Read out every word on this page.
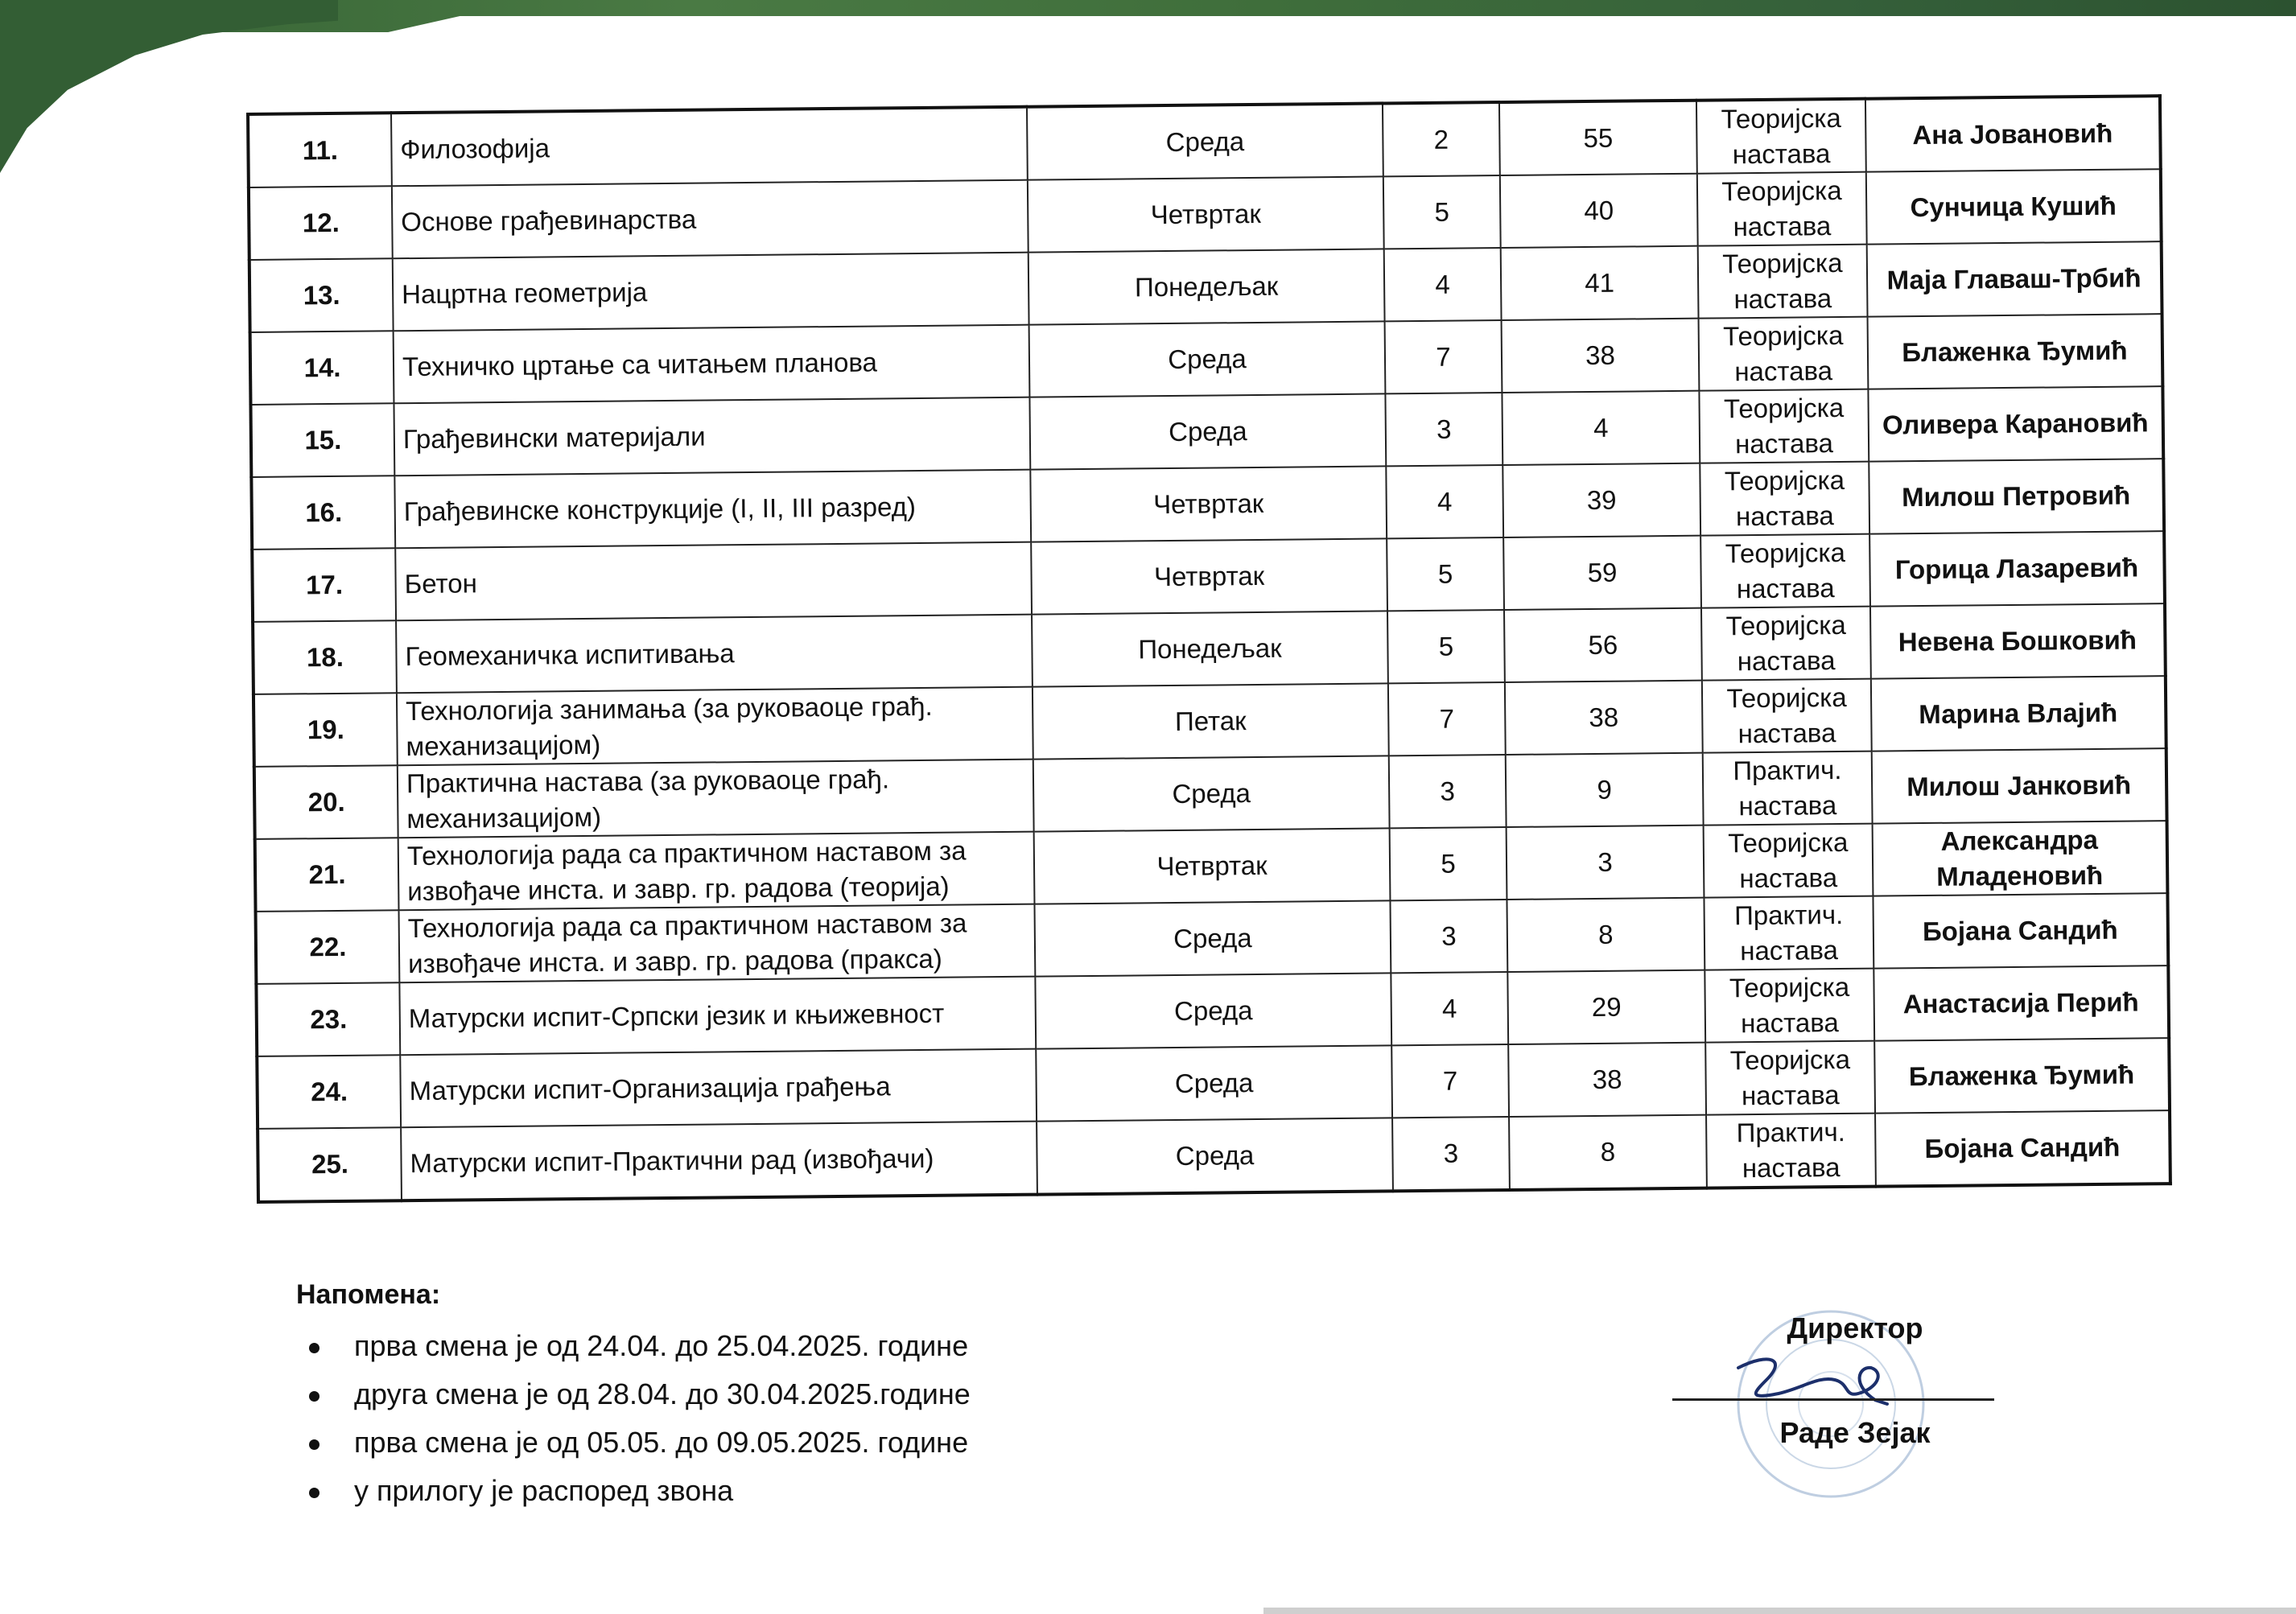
11.	Филозофија	Среда	2	55	Теоријска настава	Ана Јовановић
12.	Основе грађевинарства	Четвртак	5	40	Теоријска настава	Сунчица Кушић
13.	Нацртна геометрија	Понедељак	4	41	Теоријска настава	Маја Главаш-Трбић
14.	Техничко цртање са читањем планова	Среда	7	38	Теоријска настава	Блаженка Ђумић
15.	Грађевински материјали	Среда	3	4	Теоријска настава	Оливера Карановић
16.	Грађевинске конструкције (I, II, III разред)	Четвртак	4	39	Теоријска настава	Милош Петровић
17.	Бетон	Четвртак	5	59	Теоријска настава	Горица Лазаревић
18.	Геомеханичка испитивања	Понедељак	5	56	Теоријска настава	Невена Бошковић
19.	Технологија занимања (за руковаоце грађ. механизацијом)	Петак	7	38	Теоријска настава	Марина Влајић
20.	Практична настава (за руковаоце грађ. механизацијом)	Среда	3	9	Практич. настава	Милош Јанковић
21.	Технологија рада са практичном наставом за извођаче инста. и завр. гр. радова (теорија)	Четвртак	5	3	Теоријска настава	Александра Младеновић
22.	Технологија рада са практичном наставом за извођаче инста. и завр. гр. радова (пракса)	Среда	3	8	Практич. настава	Бојана Сандић
23.	Матурски испит-Српски језик и књижевност	Среда	4	29	Теоријска настава	Анастасија Перић
24.	Матурски испит-Организација грађења	Среда	7	38	Теоријска настава	Блаженка Ђумић
25.	Матурски испит-Практични рад (извођачи)	Среда	3	8	Практич. настава	Бојана Сандић
Напомена:
прва смена је од 24.04. до 25.04.2025. године
друга смена је од 28.04. до 30.04.2025.године
прва смена је од 05.05. до 09.05.2025. године
у прилогу је распоред звона
Директор
Раде Зејак
